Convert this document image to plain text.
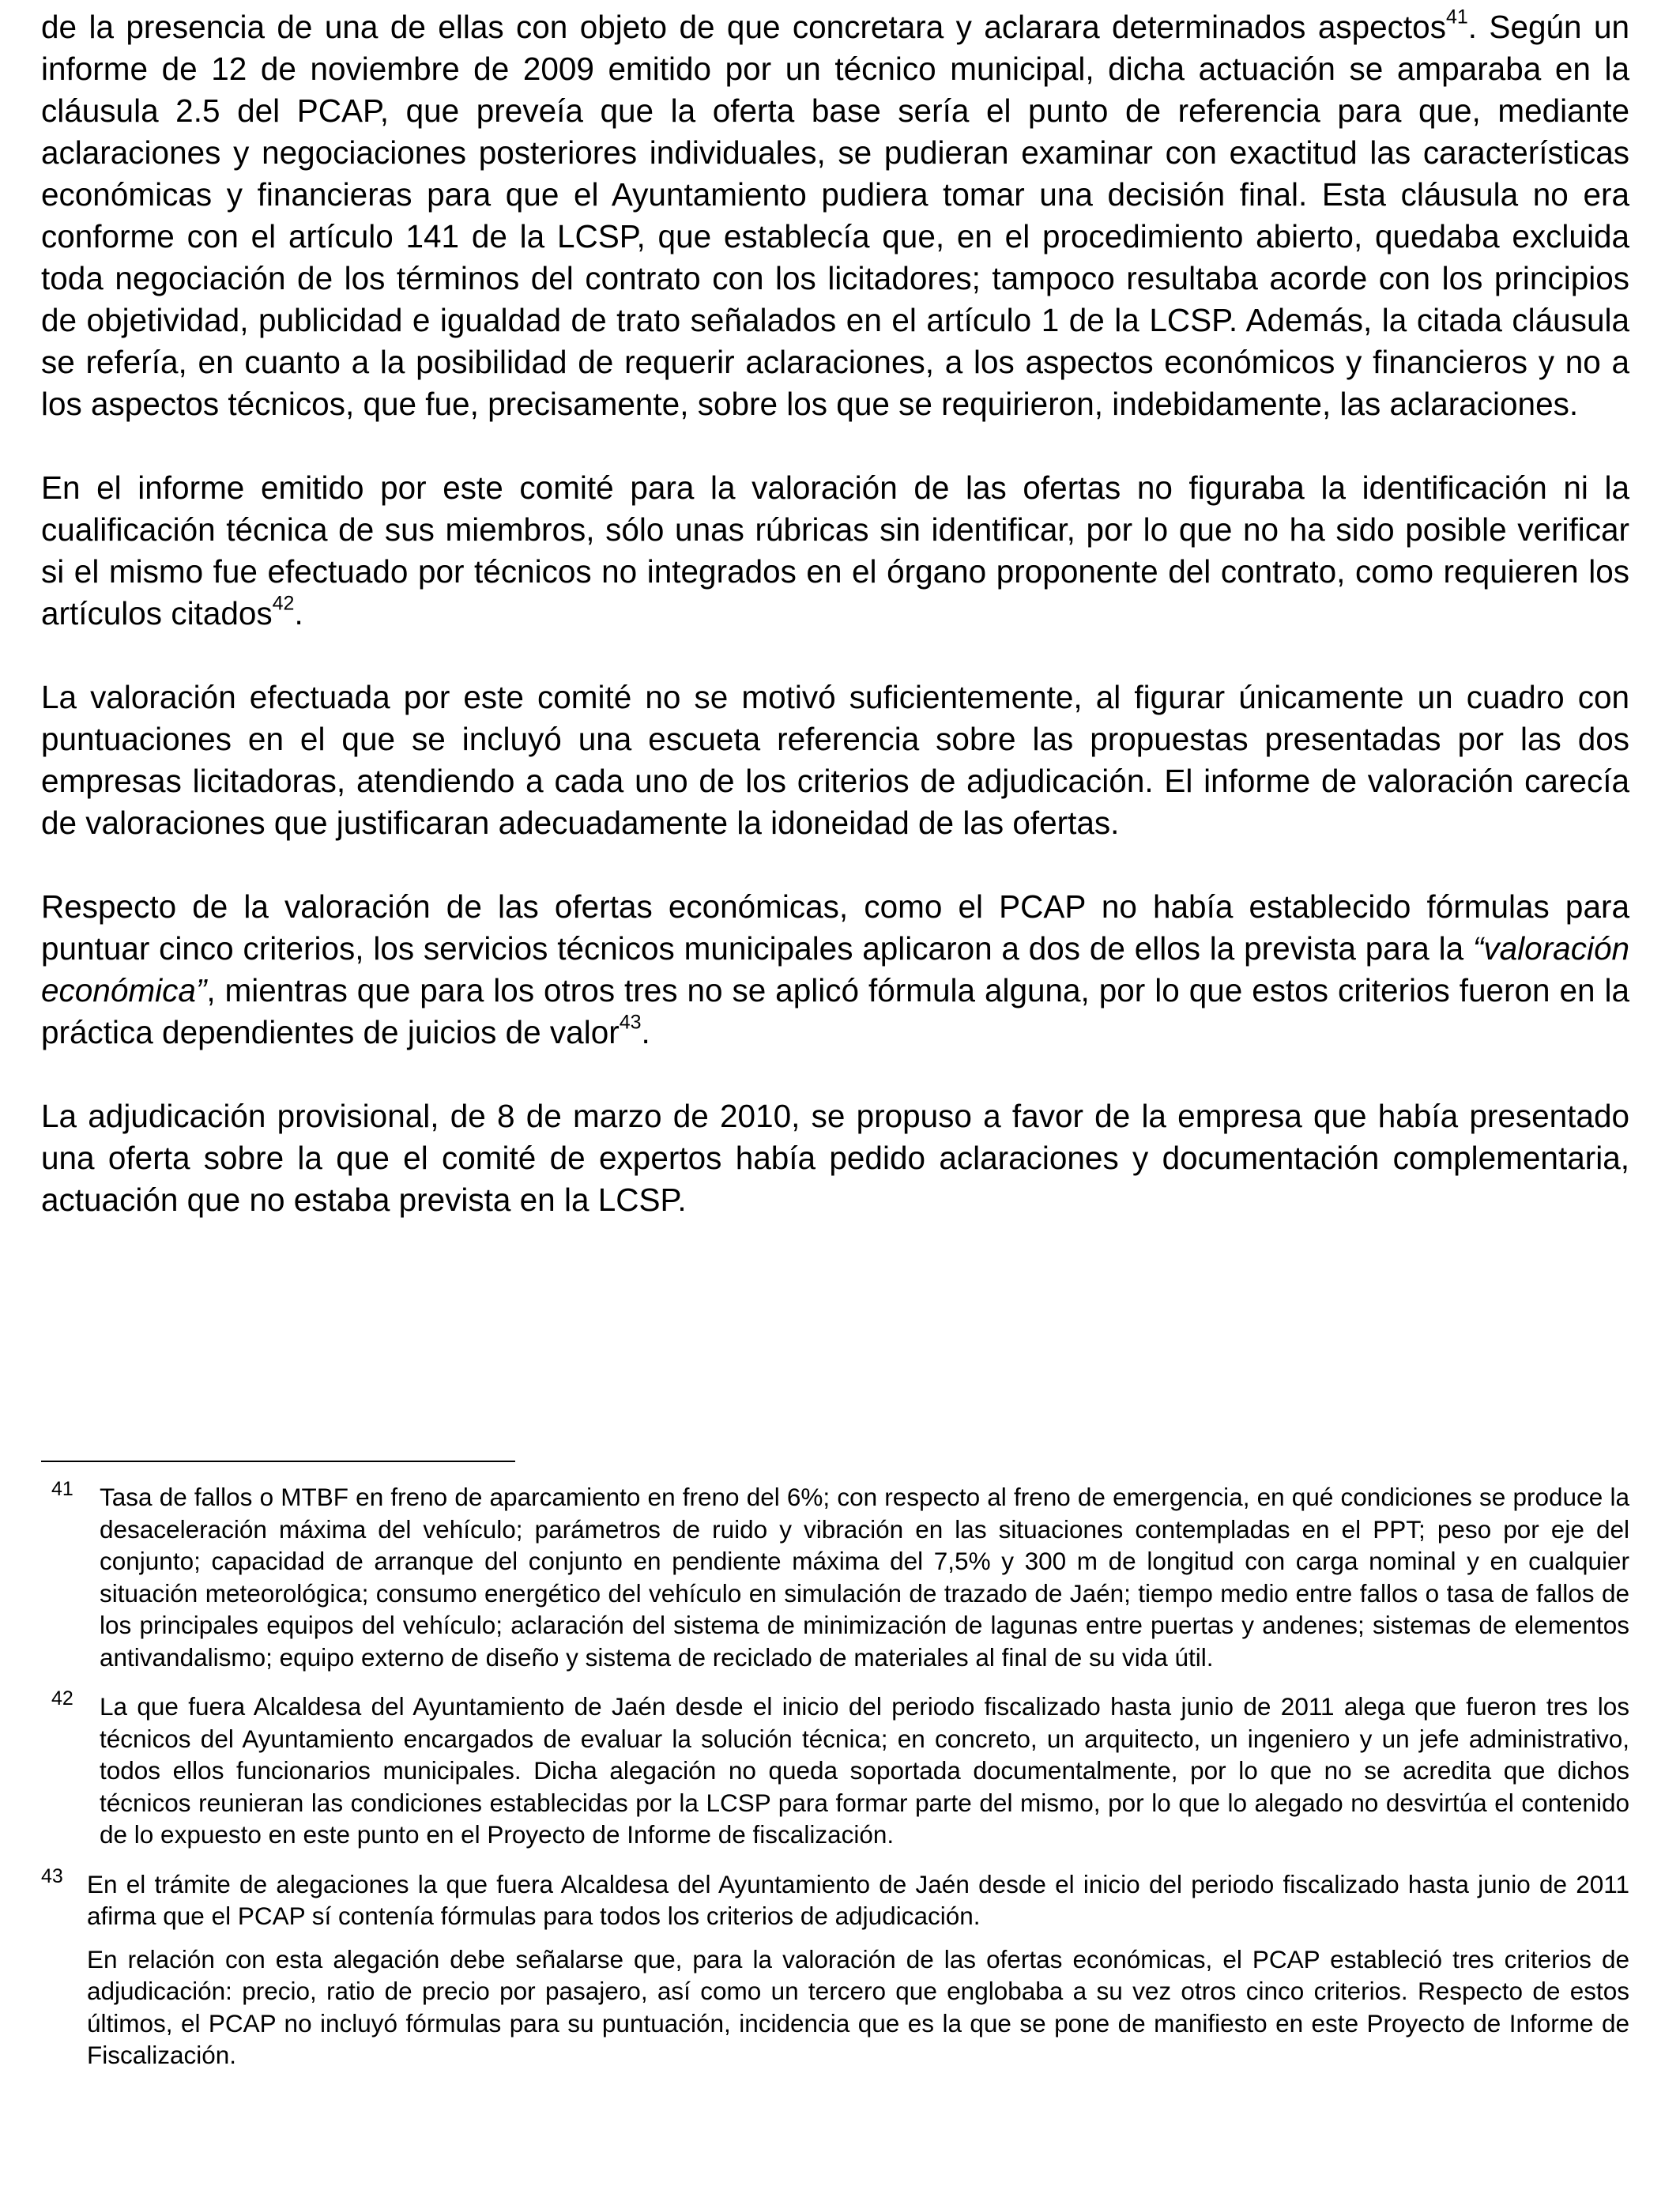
de la presencia de una de ellas con objeto de que concretara y aclarara determinados aspectos$^{41}$. Según un informe de 12 de noviembre de 2009 emitido por un técnico municipal, dicha actuación se amparaba en la cláusula 2.5 del PCAP, que preveía que la oferta base sería el punto de referencia para que, mediante aclaraciones y negociaciones posteriores individuales, se pudieran examinar con exactitud las características económicas y financieras para que el Ayuntamiento pudiera tomar una decisión final. Esta cláusula no era conforme con el artículo 141 de la LCSP, que establecía que, en el procedimiento abierto, quedaba excluida toda negociación de los términos del contrato con los licitadores; tampoco resultaba acorde con los principios de objetividad, publicidad e igualdad de trato señalados en el artículo 1 de la LCSP. Además, la citada cláusula se refería, en cuanto a la posibilidad de requerir aclaraciones, a los aspectos económicos y financieros y no a los aspectos técnicos, que fue, precisamente, sobre los que se requirieron, indebidamente, las aclaraciones.

En el informe emitido por este comité para la valoración de las ofertas no figuraba la identificación ni la cualificación técnica de sus miembros, sólo unas rúbricas sin identificar, por lo que no ha sido posible verificar si el mismo fue efectuado por técnicos no integrados en el órgano proponente del contrato, como requieren los artículos citados$^{42}$.

La valoración efectuada por este comité no se motivó suficientemente, al figurar únicamente un cuadro con puntuaciones en el que se incluyó una escueta referencia sobre las propuestas presentadas por las dos empresas licitadoras, atendiendo a cada uno de los criterios de adjudicación. El informe de valoración carecía de valoraciones que justificaran adecuadamente la idoneidad de las ofertas.

Respecto de la valoración de las ofertas económicas, como el PCAP no había establecido fórmulas para puntuar cinco criterios, los servicios técnicos municipales aplicaron a dos de ellos la prevista para la “valoración económica”, mientras que para los otros tres no se aplicó fórmula alguna, por lo que estos criterios fueron en la práctica dependientes de juicios de valor$^{43}$.

La adjudicación provisional, de 8 de marzo de 2010, se propuso a favor de la empresa que había presentado una oferta sobre la que el comité de expertos había pedido aclaraciones y documentación complementaria, actuación que no estaba prevista en la LCSP.

41 Tasa de fallos o MTBF en freno de aparcamiento en freno del 6%; con respecto al freno de emergencia, en qué condiciones se produce la desaceleración máxima del vehículo; parámetros de ruido y vibración en las situaciones contempladas en el PPT; peso por eje del conjunto; capacidad de arranque del conjunto en pendiente máxima del 7,5% y 300 m de longitud con carga nominal y en cualquier situación meteorológica; consumo energético del vehículo en simulación de trazado de Jaén; tiempo medio entre fallos o tasa de fallos de los principales equipos del vehículo; aclaración del sistema de minimización de lagunas entre puertas y andenes; sistemas de elementos antivandalismo; equipo externo de diseño y sistema de reciclado de materiales al final de su vida útil.

42 La que fuera Alcaldesa del Ayuntamiento de Jaén desde el inicio del periodo fiscalizado hasta junio de 2011 alega que fueron tres los técnicos del Ayuntamiento encargados de evaluar la solución técnica; en concreto, un arquitecto, un ingeniero y un jefe administrativo, todos ellos funcionarios municipales. Dicha alegación no queda soportada documentalmente, por lo que no se acredita que dichos técnicos reunieran las condiciones establecidas por la LCSP para formar parte del mismo, por lo que lo alegado no desvirtúa el contenido de lo expuesto en este punto en el Proyecto de Informe de fiscalización.

43 En el trámite de alegaciones la que fuera Alcaldesa del Ayuntamiento de Jaén desde el inicio del periodo fiscalizado hasta junio de 2011 afirma que el PCAP sí contenía fórmulas para todos los criterios de adjudicación.

En relación con esta alegación debe señalarse que, para la valoración de las ofertas económicas, el PCAP estableció tres criterios de adjudicación: precio, ratio de precio por pasajero, así como un tercero que englobaba a su vez otros cinco criterios. Respecto de estos últimos, el PCAP no incluyó fórmulas para su puntuación, incidencia que es la que se pone de manifiesto en este Proyecto de Informe de Fiscalización.
